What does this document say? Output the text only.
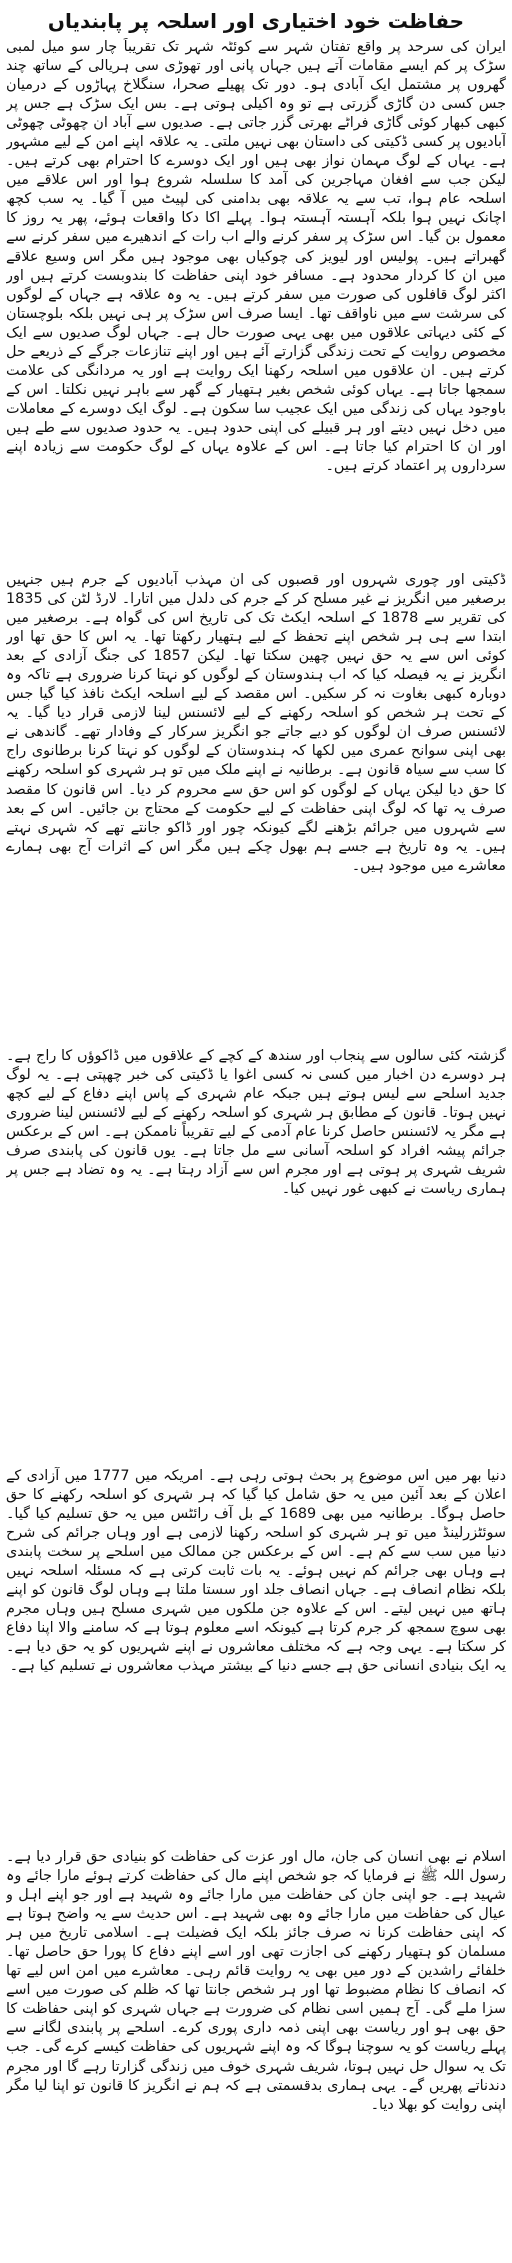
حفاظت خود اختیاری اور اسلحہ پر پابندیاں

ایران کی سرحد پر واقع تفتان شہر سے کوئٹہ شہر تک تقریباً چار سو میل لمبی سڑک پر کم ایسے مقامات آتے ہیں جہاں پانی اور تھوڑی سی ہریالی کے ساتھ چند گھروں پر مشتمل ایک آبادی ہو۔ دور تک پھیلے صحرا، سنگلاخ پہاڑوں کے درمیان جس کسی دن گاڑی گزرتی ہے تو وہ اکیلی ہوتی ہے۔ بس ایک سڑک ہے جس پر کبھی کبھار کوئی گاڑی فراٹے بھرتی گزر جاتی ہے۔ صدیوں سے آباد ان چھوٹی چھوٹی آبادیوں پر کسی ڈکیتی کی داستان بھی نہیں ملتی۔ یہ علاقہ اپنے امن کے لیے مشہور ہے۔ یہاں کے لوگ مہمان نواز بھی ہیں اور ایک دوسرے کا احترام بھی کرتے ہیں۔ لیکن جب سے افغان مہاجرین کی آمد کا سلسلہ شروع ہوا اور اس علاقے میں اسلحہ عام ہوا، تب سے یہ علاقہ بھی بدامنی کی لپیٹ میں آ گیا۔ یہ سب کچھ اچانک نہیں ہوا بلکہ آہستہ آہستہ ہوا۔ پہلے اکا دکا واقعات ہوئے، پھر یہ روز کا معمول بن گیا۔ اس سڑک پر سفر کرنے والے اب رات کے اندھیرے میں سفر کرنے سے گھبراتے ہیں۔ پولیس اور لیویز کی چوکیاں بھی موجود ہیں مگر اس وسیع علاقے میں ان کا کردار محدود ہے۔ مسافر خود اپنی حفاظت کا بندوبست کرتے ہیں اور اکثر لوگ قافلوں کی صورت میں سفر کرتے ہیں۔ یہ وہ علاقہ ہے جہاں کے لوگوں کی سرشت سے میں ناواقف تھا۔ ایسا صرف اس سڑک پر ہی نہیں بلکہ بلوچستان کے کئی دیہاتی علاقوں میں بھی یہی صورت حال ہے۔ جہاں لوگ صدیوں سے ایک مخصوص روایت کے تحت زندگی گزارتے آئے ہیں اور اپنے تنازعات جرگے کے ذریعے حل کرتے ہیں۔ ان علاقوں میں اسلحہ رکھنا ایک روایت ہے اور یہ مردانگی کی علامت سمجھا جاتا ہے۔ یہاں کوئی شخص بغیر ہتھیار کے گھر سے باہر نہیں نکلتا۔ اس کے باوجود یہاں کی زندگی میں ایک عجیب سا سکون ہے۔ لوگ ایک دوسرے کے معاملات میں دخل نہیں دیتے اور ہر قبیلے کی اپنی حدود ہیں۔ یہ حدود صدیوں سے طے ہیں اور ان کا احترام کیا جاتا ہے۔ اس کے علاوہ یہاں کے لوگ حکومت سے زیادہ اپنے سرداروں پر اعتماد کرتے ہیں۔

ڈکیتی اور چوری شہروں اور قصبوں کی ان مہذب آبادیوں کے جرم ہیں جنہیں برصغیر میں انگریز نے غیر مسلح کر کے جرم کی دلدل میں اتارا۔ لارڈ لٹن کی 1835 کی تقریر سے 1878 کے اسلحہ ایکٹ تک کی تاریخ اس کی گواہ ہے۔ برصغیر میں ابتدا سے ہی ہر شخص اپنے تحفظ کے لیے ہتھیار رکھتا تھا۔ یہ اس کا حق تھا اور کوئی اس سے یہ حق نہیں چھین سکتا تھا۔ لیکن 1857 کی جنگ آزادی کے بعد انگریز نے یہ فیصلہ کیا کہ اب ہندوستان کے لوگوں کو نہتا کرنا ضروری ہے تاکہ وہ دوبارہ کبھی بغاوت نہ کر سکیں۔ اس مقصد کے لیے اسلحہ ایکٹ نافذ کیا گیا جس کے تحت ہر شخص کو اسلحہ رکھنے کے لیے لائسنس لینا لازمی قرار دیا گیا۔ یہ لائسنس صرف ان لوگوں کو دیے جاتے جو انگریز سرکار کے وفادار تھے۔ گاندھی نے بھی اپنی سوانح عمری میں لکھا کہ ہندوستان کے لوگوں کو نہتا کرنا برطانوی راج کا سب سے سیاہ قانون ہے۔ برطانیہ نے اپنے ملک میں تو ہر شہری کو اسلحہ رکھنے کا حق دیا لیکن یہاں کے لوگوں کو اس حق سے محروم کر دیا۔ اس قانون کا مقصد صرف یہ تھا کہ لوگ اپنی حفاظت کے لیے حکومت کے محتاج بن جائیں۔ اس کے بعد سے شہروں میں جرائم بڑھنے لگے کیونکہ چور اور ڈاکو جانتے تھے کہ شہری نہتے ہیں۔ یہ وہ تاریخ ہے جسے ہم بھول چکے ہیں مگر اس کے اثرات آج بھی ہمارے معاشرے میں موجود ہیں۔

گزشتہ کئی سالوں سے پنجاب اور سندھ کے کچے کے علاقوں میں ڈاکوؤں کا راج ہے۔ ہر دوسرے دن اخبار میں کسی نہ کسی اغوا یا ڈکیتی کی خبر چھپتی ہے۔ یہ لوگ جدید اسلحے سے لیس ہوتے ہیں جبکہ عام شہری کے پاس اپنے دفاع کے لیے کچھ نہیں ہوتا۔ قانون کے مطابق ہر شہری کو اسلحہ رکھنے کے لیے لائسنس لینا ضروری ہے مگر یہ لائسنس حاصل کرنا عام آدمی کے لیے تقریباً ناممکن ہے۔ اس کے برعکس جرائم پیشہ افراد کو اسلحہ آسانی سے مل جاتا ہے۔ یوں قانون کی پابندی صرف شریف شہری پر ہوتی ہے اور مجرم اس سے آزاد رہتا ہے۔ یہ وہ تضاد ہے جس پر ہماری ریاست نے کبھی غور نہیں کیا۔

دنیا بھر میں اس موضوع پر بحث ہوتی رہی ہے۔ امریکہ میں 1777 میں آزادی کے اعلان کے بعد آئین میں یہ حق شامل کیا گیا کہ ہر شہری کو اسلحہ رکھنے کا حق حاصل ہوگا۔ برطانیہ میں بھی 1689 کے بل آف رائٹس میں یہ حق تسلیم کیا گیا۔ سوئٹزرلینڈ میں تو ہر شہری کو اسلحہ رکھنا لازمی ہے اور وہاں جرائم کی شرح دنیا میں سب سے کم ہے۔ اس کے برعکس جن ممالک میں اسلحے پر سخت پابندی ہے وہاں بھی جرائم کم نہیں ہوئے۔ یہ بات ثابت کرتی ہے کہ مسئلہ اسلحہ نہیں بلکہ نظام انصاف ہے۔ جہاں انصاف جلد اور سستا ملتا ہے وہاں لوگ قانون کو اپنے ہاتھ میں نہیں لیتے۔ اس کے علاوہ جن ملکوں میں شہری مسلح ہیں وہاں مجرم بھی سوچ سمجھ کر جرم کرتا ہے کیونکہ اسے معلوم ہوتا ہے کہ سامنے والا اپنا دفاع کر سکتا ہے۔ یہی وجہ ہے کہ مختلف معاشروں نے اپنے شہریوں کو یہ حق دیا ہے۔ یہ ایک بنیادی انسانی حق ہے جسے دنیا کے بیشتر مہذب معاشروں نے تسلیم کیا ہے۔

اسلام نے بھی انسان کی جان، مال اور عزت کی حفاظت کو بنیادی حق قرار دیا ہے۔ رسول اللہ ﷺ نے فرمایا کہ جو شخص اپنے مال کی حفاظت کرتے ہوئے مارا جائے وہ شہید ہے۔ جو اپنی جان کی حفاظت میں مارا جائے وہ شہید ہے اور جو اپنے اہل و عیال کی حفاظت میں مارا جائے وہ بھی شہید ہے۔ اس حدیث سے یہ واضح ہوتا ہے کہ اپنی حفاظت کرنا نہ صرف جائز بلکہ ایک فضیلت ہے۔ اسلامی تاریخ میں ہر مسلمان کو ہتھیار رکھنے کی اجازت تھی اور اسے اپنے دفاع کا پورا حق حاصل تھا۔ خلفائے راشدین کے دور میں بھی یہ روایت قائم رہی۔ معاشرے میں امن اس لیے تھا کہ انصاف کا نظام مضبوط تھا اور ہر شخص جانتا تھا کہ ظلم کی صورت میں اسے سزا ملے گی۔ آج ہمیں اسی نظام کی ضرورت ہے جہاں شہری کو اپنی حفاظت کا حق بھی ہو اور ریاست بھی اپنی ذمہ داری پوری کرے۔ اسلحے پر پابندی لگانے سے پہلے ریاست کو یہ سوچنا ہوگا کہ وہ اپنے شہریوں کی حفاظت کیسے کرے گی۔ جب تک یہ سوال حل نہیں ہوتا، شریف شہری خوف میں زندگی گزارتا رہے گا اور مجرم دندناتے پھریں گے۔ یہی ہماری بدقسمتی ہے کہ ہم نے انگریز کا قانون تو اپنا لیا مگر اپنی روایت کو بھلا دیا۔
